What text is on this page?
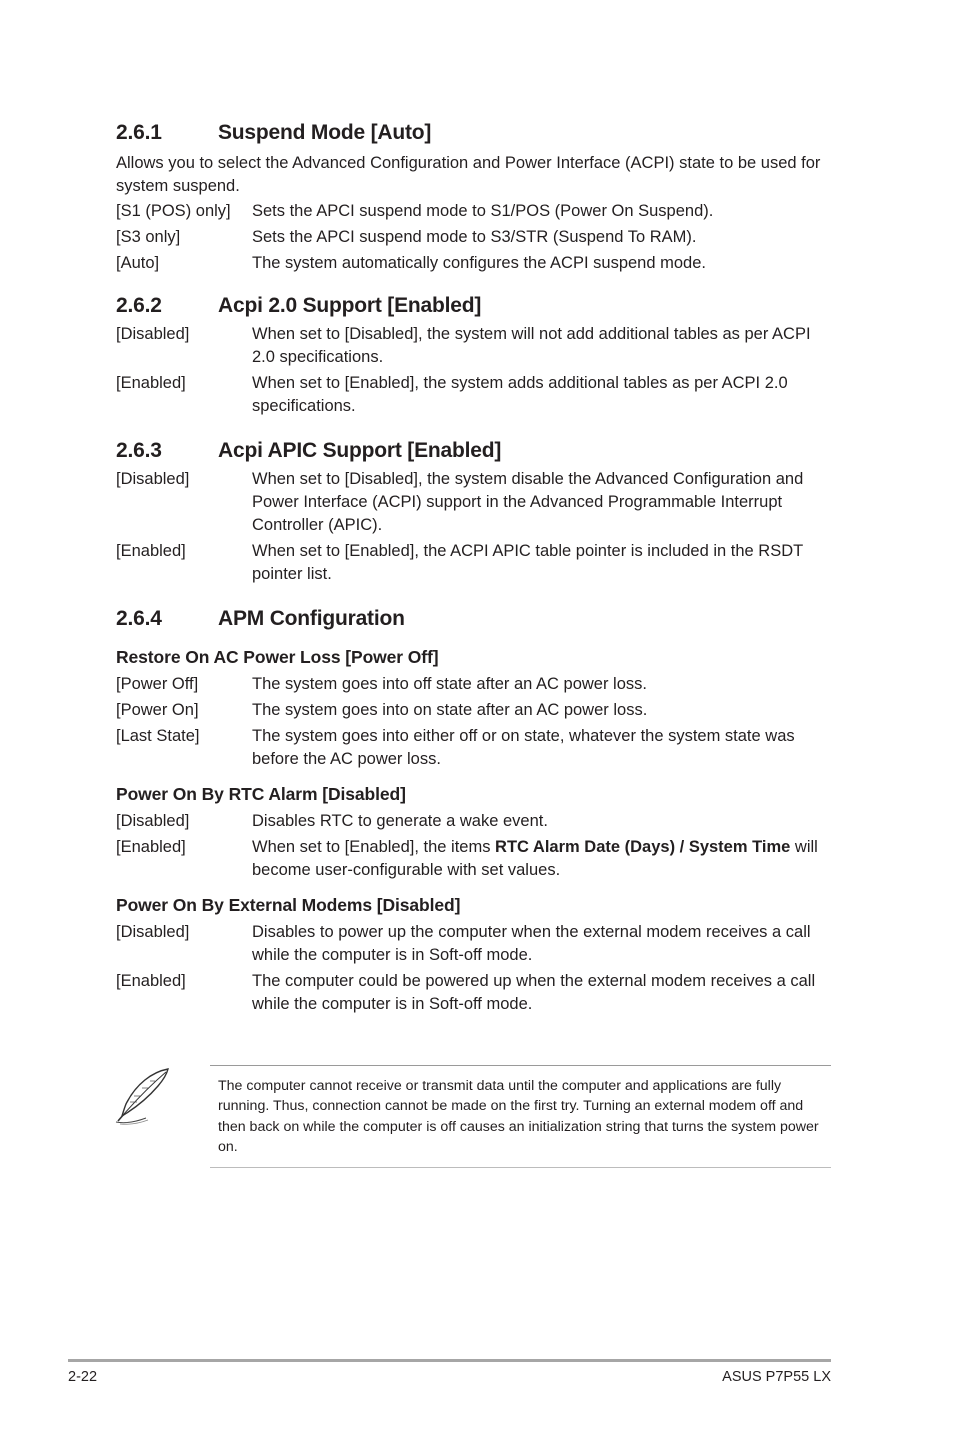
2.6.1	Suspend Mode [Auto]

Allows you to select the Advanced Configuration and Power Interface (ACPI) state to be used for system suspend.

[S1 (POS) only]	Sets the APCI suspend mode to S1/POS (Power On Suspend).
[S3 only]	Sets the APCI suspend mode to S3/STR (Suspend To RAM).
[Auto]	The system automatically configures the ACPI suspend mode.
2.6.2	Acpi 2.0 Support [Enabled]
[Disabled]	When set to [Disabled], the system will not add additional tables as per ACPI 2.0 specifications.
[Enabled]	When set to [Enabled], the system adds additional tables as per ACPI 2.0 specifications.
2.6.3	Acpi APIC Support [Enabled]
[Disabled]	When set to [Disabled], the system disable the Advanced Configuration and Power Interface (ACPI) support in the Advanced Programmable Interrupt Controller (APIC).
[Enabled]	When set to [Enabled], the ACPI APIC table pointer is included in the RSDT pointer list.
2.6.4	APM Configuration
Restore On AC Power Loss [Power Off]
[Power Off]	The system goes into off state after an AC power loss.
[Power On]	The system goes into on state after an AC power loss.
[Last State]	The system goes into either off or on state, whatever the system state was before the AC power loss.
Power On By RTC Alarm [Disabled]
[Disabled]	Disables RTC to generate a wake event.
[Enabled]	When set to [Enabled], the items RTC Alarm Date (Days) / System Time will become user-configurable with set values.
Power On By External Modems [Disabled]
[Disabled]	Disables to power up the computer when the external modem receives a call while the computer is in Soft-off mode.
[Enabled]	The computer could be powered up when the external modem receives a call while the computer is in Soft-off mode.
The computer cannot receive or transmit data until the computer and applications are fully running. Thus, connection cannot be made on the first try. Turning an external modem off and then back on while the computer is off causes an initialization string that turns the system power on.
2-22	ASUS P7P55 LX
